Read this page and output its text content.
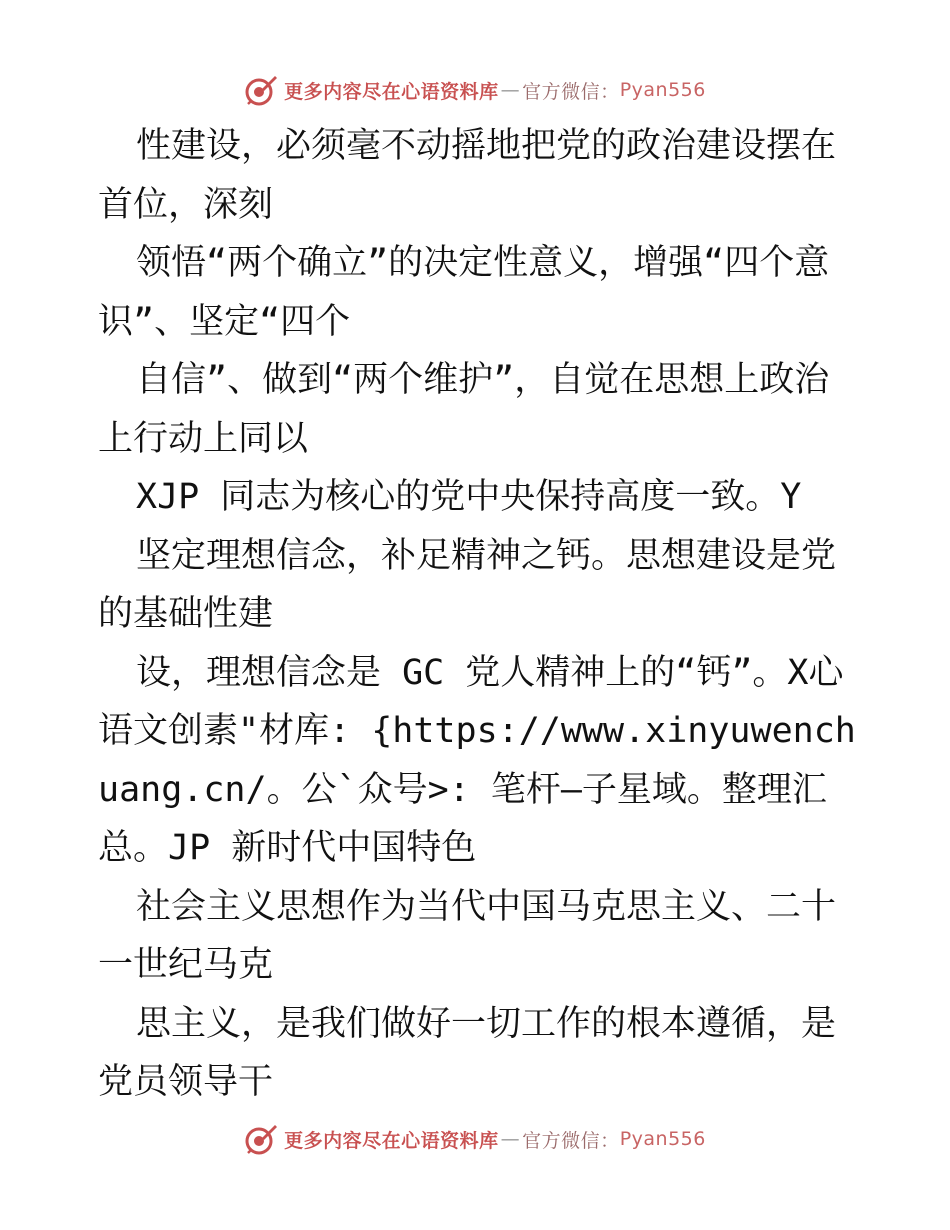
更多内容尽在心语资料库 — 官方微信： Pyan556

性建设，必须毫不动摇地把党的政治建设摆在首位，深刻

领悟“两个确立”的决定性意义，增强“四个意识”、坚定“四个

自信”、做到“两个维护”，自觉在思想上政治上行动上同以

XJP 同志为核心的党中央保持高度一致。Y

坚定理想信念，补足精神之钙。思想建设是党的基础性建

设，理想信念是 GC 党人精神上的“钙”。X心语文创素"材库: {https://www.xinyuwenchuang.cn/。公`众号>: 笔杆—子星域。整理汇总。JP 新时代中国特色

社会主义思想作为当代中国马克思主义、二十一世纪马克

思主义，是我们做好一切工作的根本遵循，是党员领导干

更多内容尽在心语资料库 — 官方微信： Pyan556
